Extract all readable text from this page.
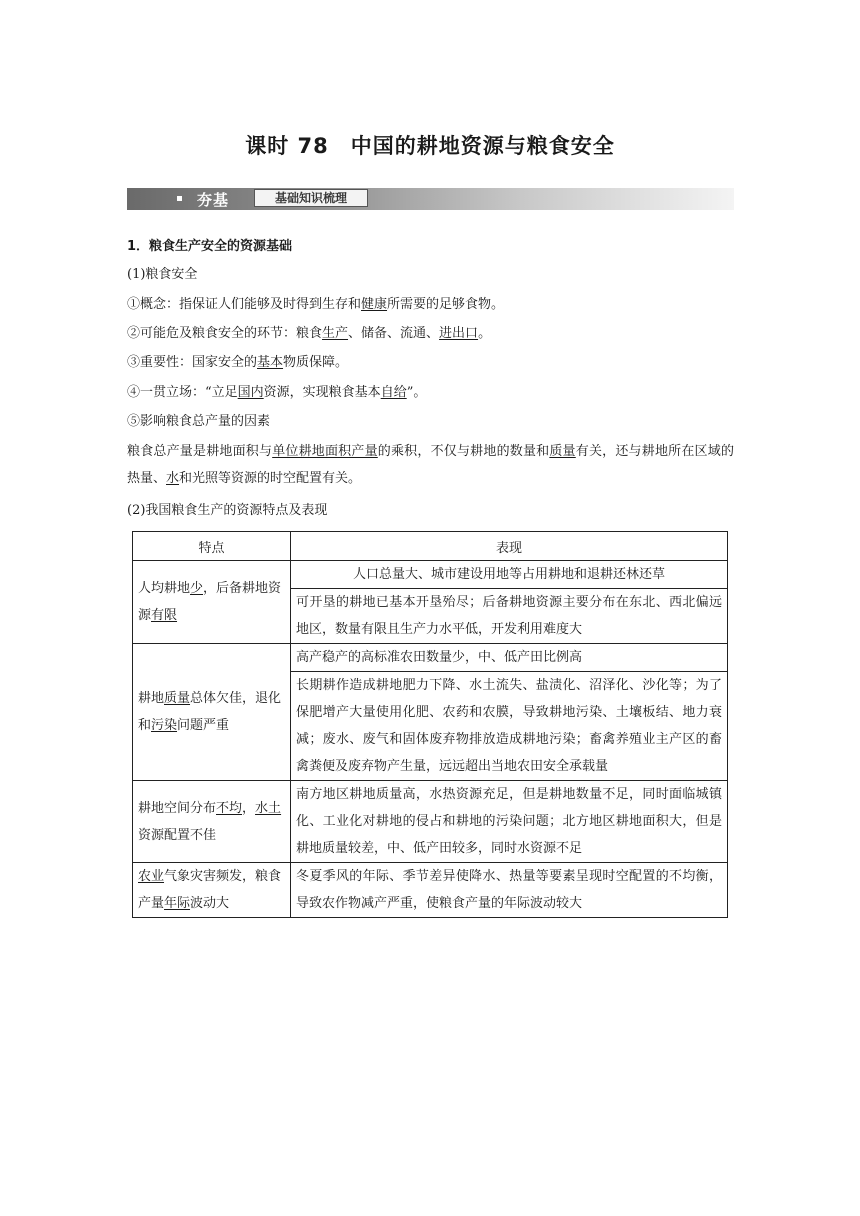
课时 78　中国的耕地资源与粮食安全
夯基	基础知识梳理
1．粮食生产安全的资源基础
(1)粮食安全
①概念：指保证人们能够及时得到生存和健康所需要的足够食物。
②可能危及粮食安全的环节：粮食生产、储备、流通、进出口。
③重要性：国家安全的基本物质保障。
④一贯立场：“立足国内资源，实现粮食基本自给”。
⑤影响粮食总产量的因素
粮食总产量是耕地面积与单位耕地面积产量的乘积，不仅与耕地的数量和质量有关，还与耕地所在区域的热量、水和光照等资源的时空配置有关。
(2)我国粮食生产的资源特点及表现
特点	表现
人均耕地少，后备耕地资源有限	人口总量大、城市建设用地等占用耕地和退耕还林还草
	可开垦的耕地已基本开垦殆尽；后备耕地资源主要分布在东北、西北偏远地区，数量有限且生产力水平低，开发利用难度大
耕地质量总体欠佳，退化和污染问题严重	高产稳产的高标准农田数量少，中、低产田比例高
	长期耕作造成耕地肥力下降、水土流失、盐渍化、沼泽化、沙化等；为了保肥增产大量使用化肥、农药和农膜，导致耕地污染、土壤板结、地力衰减；废水、废气和固体废弃物排放造成耕地污染；畜禽养殖业主产区的畜禽粪便及废弃物产生量，远远超出当地农田安全承载量
耕地空间分布不均，水土资源配置不佳	南方地区耕地质量高，水热资源充足，但是耕地数量不足，同时面临城镇化、工业化对耕地的侵占和耕地的污染问题；北方地区耕地面积大，但是耕地质量较差，中、低产田较多，同时水资源不足
农业气象灾害频发，粮食产量年际波动大	冬夏季风的年际、季节差异使降水、热量等要素呈现时空配置的不均衡，导致农作物减产严重，使粮食产量的年际波动较大
